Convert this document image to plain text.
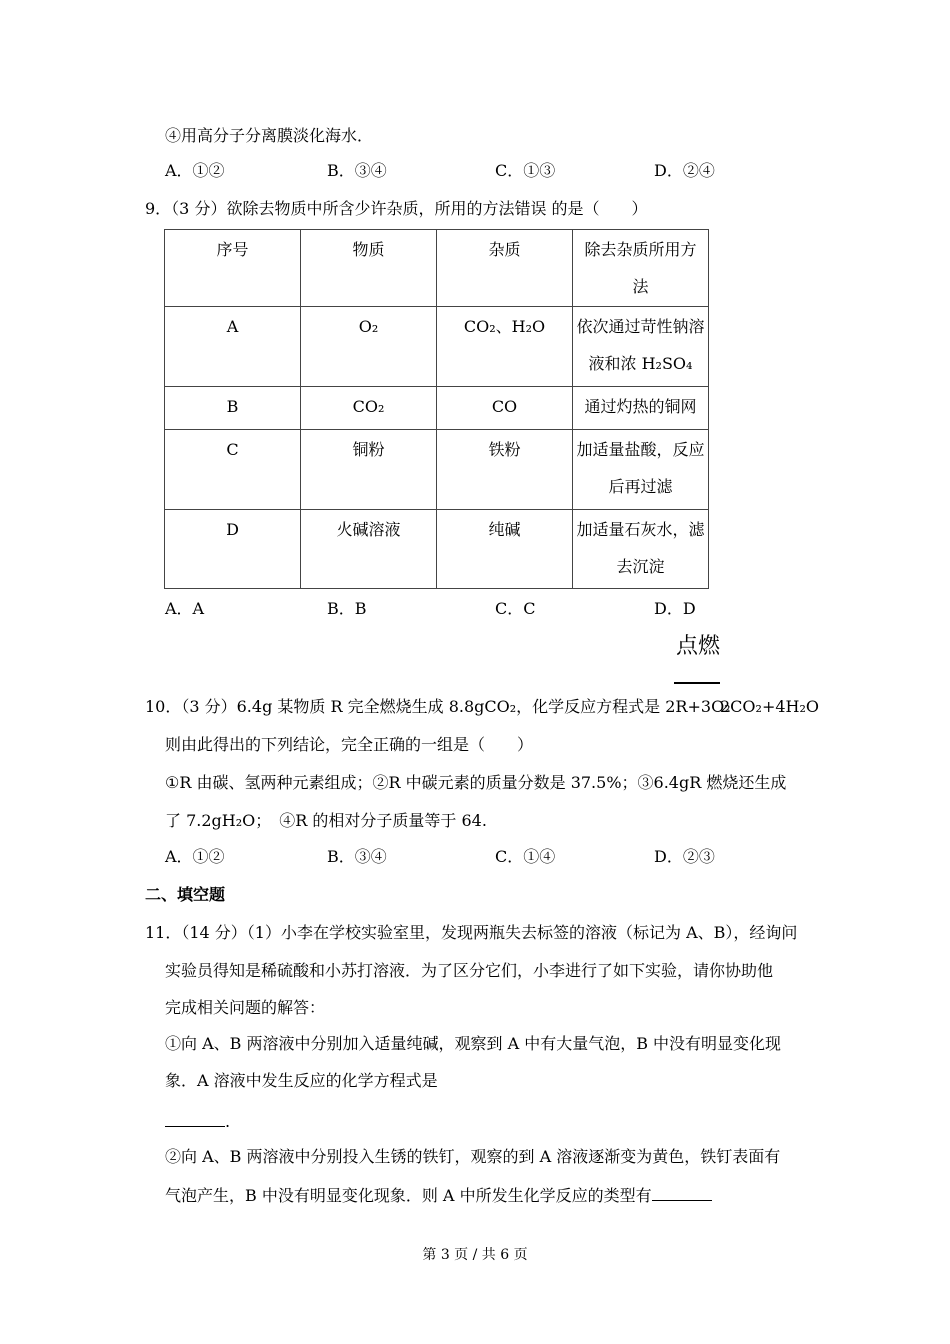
④用高分子分离膜淡化海水．
A．①②	B．③④	C．①③	D．②④
9．（3 分）欲除去物质中所含少许杂质，所用的方法错误 的是（　　）
序号	物质	杂质	除去杂质所用方法

A	O₂	CO₂、H₂O	依次通过苛性钠溶液和浓 H₂SO₄

B	CO₂	CO	通过灼热的铜网

C	铜粉	铁粉	加适量盐酸，反应后再过滤

D	火碱溶液	纯碱	加适量石灰水，滤去沉淀
A．A	B．B	C．C	D．D
点燃
10．（3 分）6.4g 某物质 R 完全燃烧生成 8.8gCO₂，化学反应方程式是 2R+3O₂
2CO₂+4H₂O
则由此得出的下列结论，完全正确的一组是（　　）
①R 由碳、氢两种元素组成；②R 中碳元素的质量分数是 37.5%；③6.4gR 燃烧还生成
了 7.2gH₂O；　④R 的相对分子质量等于 64.
A．①②	B．③④	C．①④	D．②③
二、填空题
11．（14 分）（1）小李在学校实验室里，发现两瓶失去标签的溶液（标记为 A、B），经询问
实验员得知是稀硫酸和小苏打溶液．为了区分它们，小李进行了如下实验，请你协助他
完成相关问题的解答：
①向 A、B 两溶液中分别加入适量纯碱，观察到 A 中有大量气泡，B 中没有明显变化现
象．A 溶液中发生反应的化学方程式是
.
②向 A、B 两溶液中分别投入生锈的铁钉，观察的到 A 溶液逐渐变为黄色，铁钉表面有
气泡产生，B 中没有明显变化现象．则 A 中所发生化学反应的类型有
第 3 页 / 共 6 页
